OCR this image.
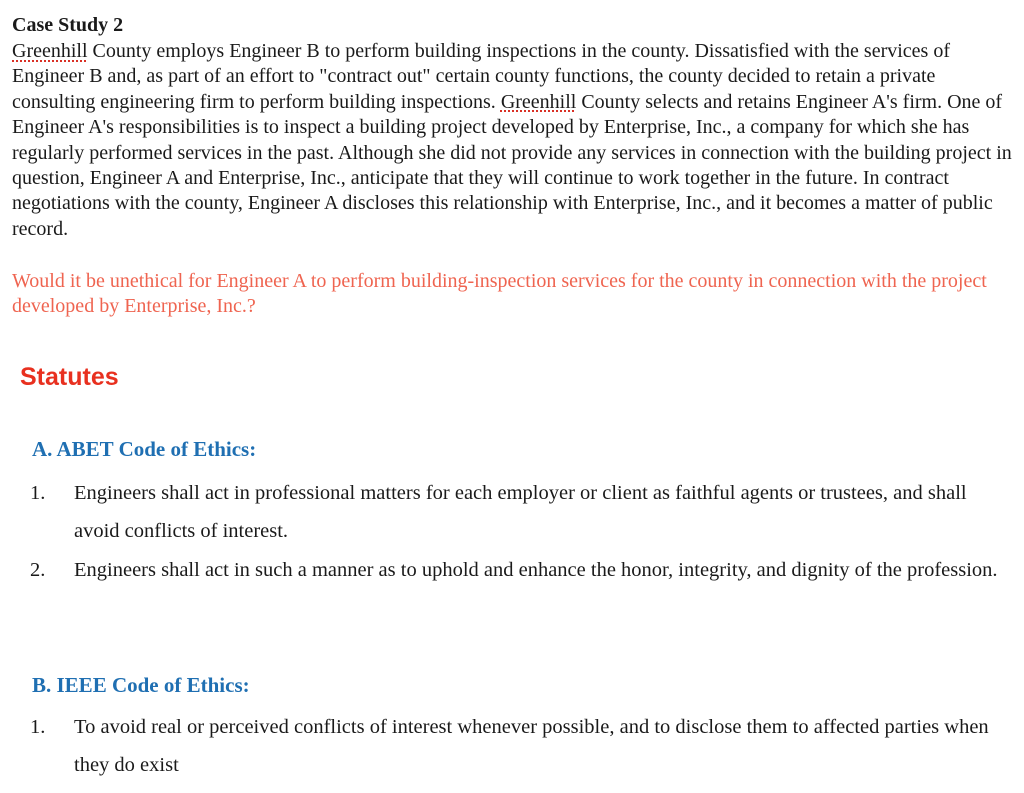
Case Study 2

Greenhill County employs Engineer B to perform building inspections in the county. Dissatisfied with the services of Engineer B and, as part of an effort to "contract out" certain county functions, the county decided to retain a private consulting engineering firm to perform building inspections. Greenhill County selects and retains Engineer A's firm. One of Engineer A's responsibilities is to inspect a building project developed by Enterprise, Inc., a company for which she has regularly performed services in the past. Although she did not provide any services in connection with the building project in question, Engineer A and Enterprise, Inc., anticipate that they will continue to work together in the future. In contract negotiations with the county, Engineer A discloses this relationship with Enterprise, Inc., and it becomes a matter of public record.

Would it be unethical for Engineer A to perform building-inspection services for the county in connection with the project developed by Enterprise, Inc.?

Statutes
A. ABET Code of Ethics:
1. Engineers shall act in professional matters for each employer or client as faithful agents or trustees, and shall avoid conflicts of interest.
2. Engineers shall act in such a manner as to uphold and enhance the honor, integrity, and dignity of the profession.
B. IEEE Code of Ethics:
1. To avoid real or perceived conflicts of interest whenever possible, and to disclose them to affected parties when they do exist
